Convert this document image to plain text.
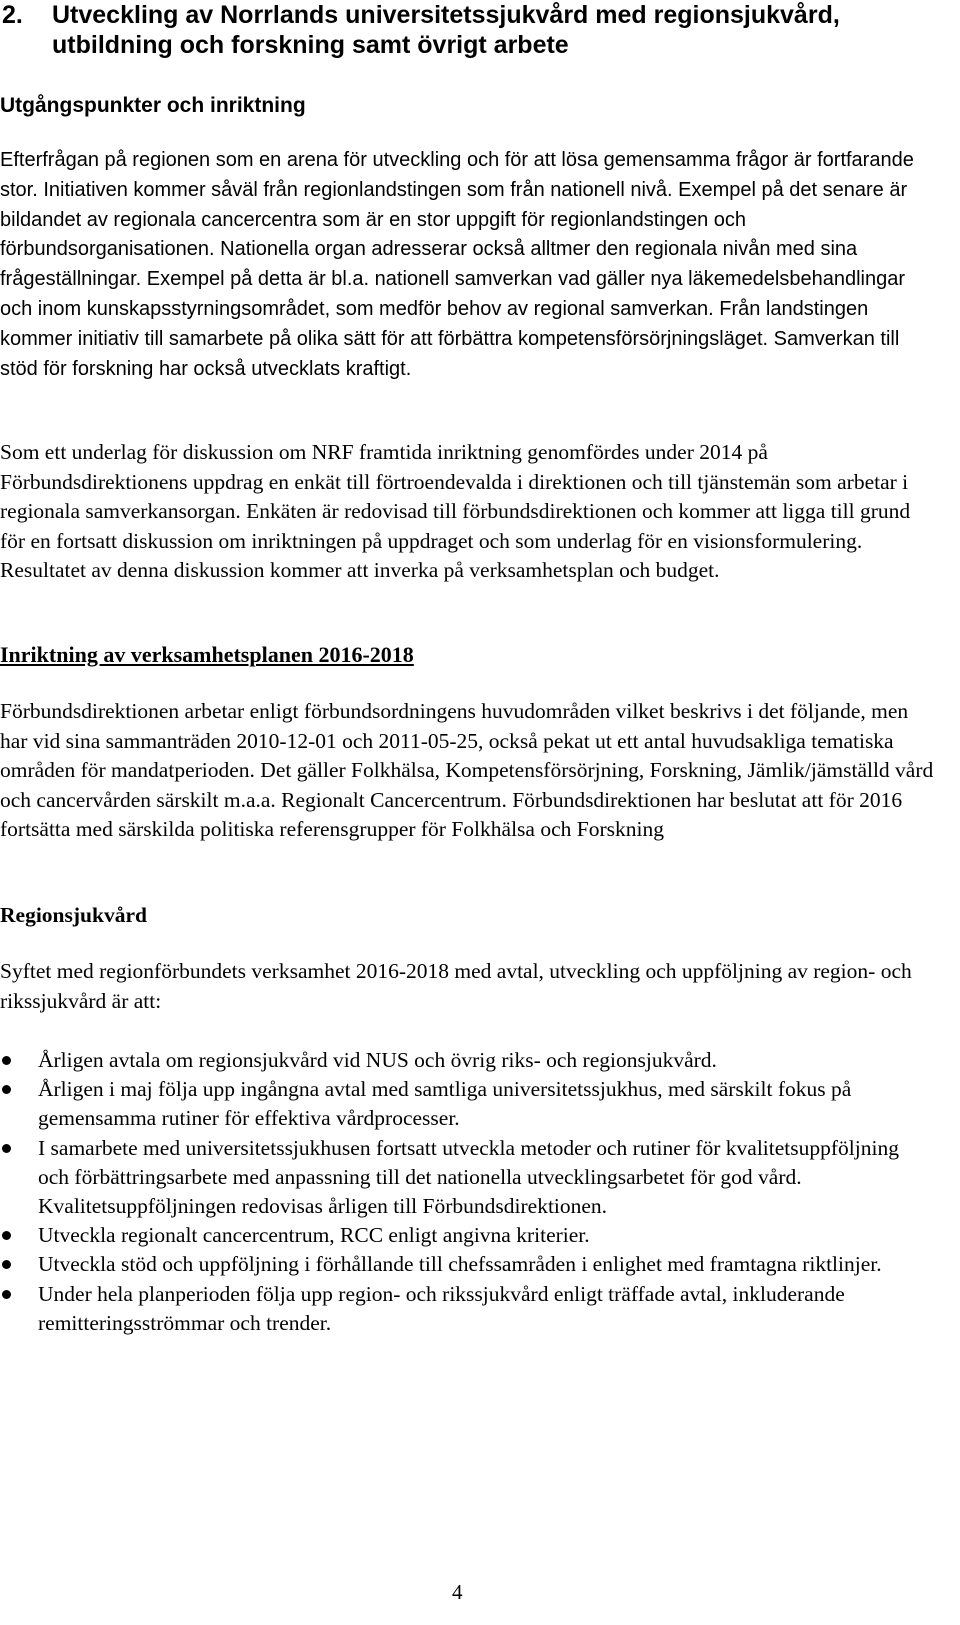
2.	Utveckling av Norrlands universitetssjukvård med regionsjukvård, utbildning och forskning samt övrigt arbete
Utgångspunkter och inriktning

Efterfrågan på regionen som en arena för utveckling och för att lösa gemensamma frågor är fortfarande stor. Initiativen kommer såväl från regionlandstingen som från nationell nivå. Exempel på det senare är bildandet av regionala cancercentra som är en stor uppgift för regionlandstingen och förbundsorganisationen. Nationella organ adresserar också alltmer den regionala nivån med sina frågeställningar. Exempel på detta är bl.a. nationell samverkan vad gäller nya läkemedelsbehandlingar och inom kunskapsstyrningsområdet, som medför behov av regional samverkan. Från landstingen kommer initiativ till samarbete på olika sätt för att förbättra kompetensförsörjningsläget. Samverkan till stöd för forskning har också utvecklats kraftigt.

Som ett underlag för diskussion om NRF framtida inriktning genomfördes under 2014 på Förbundsdirektionens uppdrag en enkät till förtroendevalda i direktionen och till tjänstemän som arbetar i regionala samverkansorgan. Enkäten är redovisad till förbundsdirektionen och kommer att ligga till grund för en fortsatt diskussion om inriktningen på uppdraget och som underlag för en visionsformulering. Resultatet av denna diskussion kommer att inverka på verksamhetsplan och budget.

Inriktning av verksamhetsplanen 2016-2018

Förbundsdirektionen arbetar enligt förbundsordningens huvudområden vilket beskrivs i det följande, men har vid sina sammanträden 2010-12-01 och 2011-05-25, också pekat ut ett antal huvudsakliga tematiska områden för mandatperioden. Det gäller Folkhälsa, Kompetensförsörjning, Forskning, Jämlik/jämställd vård och cancervården särskilt m.a.a. Regionalt Cancercentrum. Förbundsdirektionen har beslutat att för 2016 fortsätta med särskilda politiska referensgrupper för Folkhälsa och Forskning

Regionsjukvård

Syftet med regionförbundets verksamhet 2016-2018 med avtal, utveckling och uppföljning av region- och rikssjukvård är att:

Årligen avtala om regionsjukvård vid NUS och övrig riks- och regionsjukvård.
Årligen i maj följa upp ingångna avtal med samtliga universitetssjukhus, med särskilt fokus på gemensamma rutiner för effektiva vårdprocesser.
I samarbete med universitetssjukhusen fortsatt utveckla metoder och rutiner för kvalitetsuppföljning och förbättringsarbete med anpassning till det nationella utvecklingsarbetet för god vård. Kvalitetsuppföljningen redovisas årligen till Förbundsdirektionen.
Utveckla regionalt cancercentrum, RCC enligt angivna kriterier.
Utveckla stöd och uppföljning i förhållande till chefssamråden i enlighet med framtagna riktlinjer.
Under hela planperioden följa upp region- och rikssjukvård enligt träffade avtal, inkluderande remitteringsströmmar och trender.
4
